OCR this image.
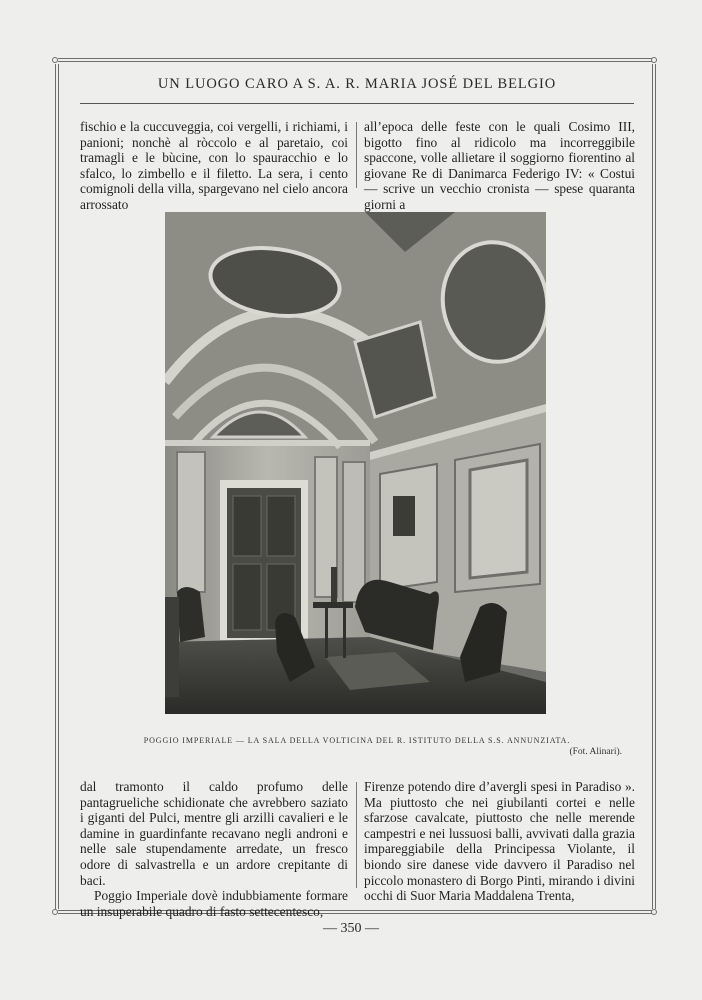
UN LUOGO CARO A S. A. R. MARIA JOSÉ DEL BELGIO

fischio e la cuccuveggia, coi vergelli, i richiami, i panioni; nonchè al ròccolo e al paretaio, coi tramagli e le bùcine, con lo spauracchio e lo sfalco, lo zimbello e il filetto. La sera, i cento comignoli della villa, spargevano nel cielo ancora arrossato

all’epoca delle feste con le quali Cosimo III, bigotto fino al ridicolo ma incorreggibile spaccone, volle allietare il soggiorno fiorentino al giovane Re di Danimarca Federigo IV: « Costui — scrive un vecchio cronista — spese quaranta giorni a

POGGIO IMPERIALE — LA SALA DELLA VOLTICINA DEL R. ISTITUTO DELLA S.S. ANNUNZIATA.
(Fot. Alinari).

dal tramonto il caldo profumo delle pantagrueliche schidionate che avrebbero saziato i giganti del Pulci, mentre gli arzilli cavalieri e le damine in guardinfante recavano negli androni e nelle sale stupendamente arredate, un fresco odore di salvastrella e un ardore crepitante di baci.

Poggio Imperiale dovè indubbiamente formare un insuperabile quadro di fasto settecentesco,

Firenze potendo dire d’avergli spesi in Paradiso ». Ma piuttosto che nei giubilanti cortei e nelle sfarzose cavalcate, piuttosto che nelle merende campestri e nei lussuosi balli, avvivati dalla grazia impareggiabile della Principessa Violante, il biondo sire danese vide davvero il Paradiso nel piccolo monastero di Borgo Pinti, mirando i divini occhi di Suor Maria Maddalena Trenta,

— 350 —
